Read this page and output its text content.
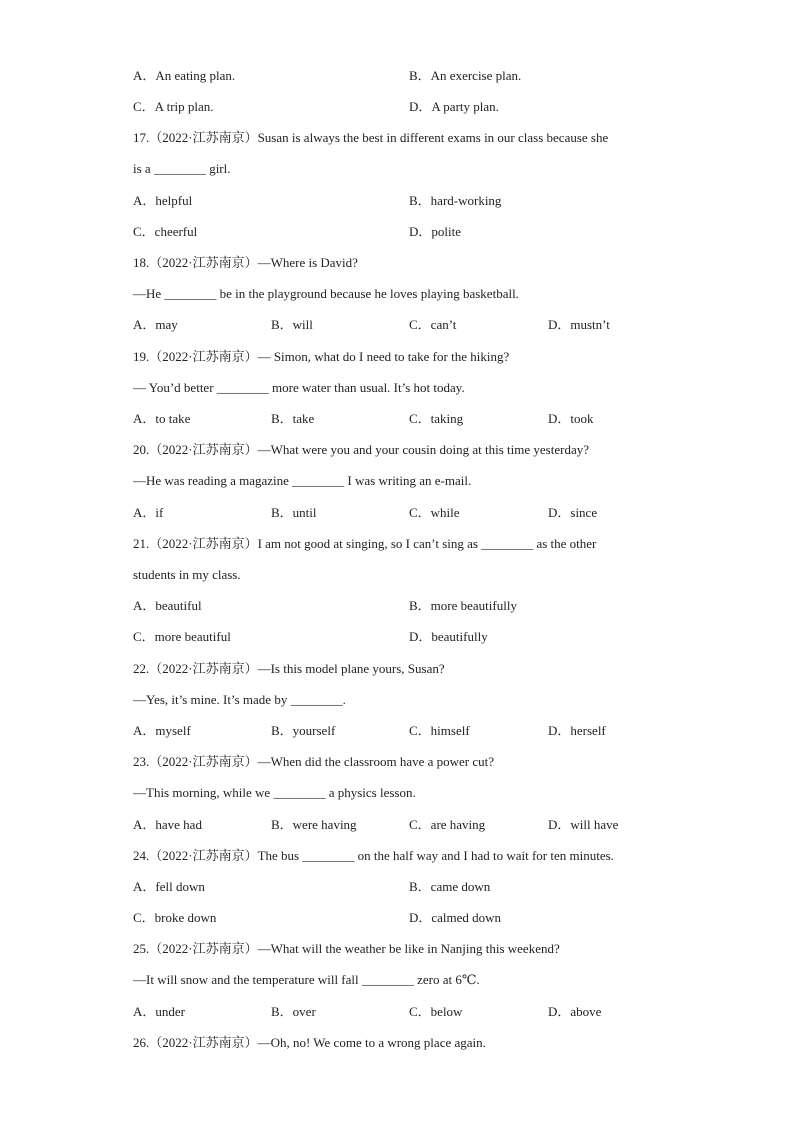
A．An eating plan.	B．An exercise plan.
C．A trip plan.	D．A party plan.
17.（2022·江苏南京）Susan is always the best in different exams in our class because she
is a ________ girl.
A．helpful	B．hard-working
C．cheerful	D．polite
18.（2022·江苏南京）—Where is David?
—He ________ be in the playground because he loves playing basketball.
A．may	B．will	C．can’t	D．mustn’t
19.（2022·江苏南京）— Simon, what do I need to take for the hiking?
— You’d better ________ more water than usual. It’s hot today.
A．to take	B．take	C．taking	D．took
20.（2022·江苏南京）—What were you and your cousin doing at this time yesterday?
—He was reading a magazine ________ I was writing an e-mail.
A．if	B．until	C．while	D．since
21.（2022·江苏南京）I am not good at singing, so I can’t sing as ________ as the other
students in my class.
A．beautiful	B．more beautifully
C．more beautiful	D．beautifully
22.（2022·江苏南京）—Is this model plane yours, Susan?
—Yes, it’s mine. It’s made by ________.
A．myself	B．yourself	C．himself	D．herself
23.（2022·江苏南京）—When did the classroom have a power cut?
—This morning, while we ________ a physics lesson.
A．have had	B．were having	C．are having	D．will have
24.（2022·江苏南京）The bus ________ on the half way and I had to wait for ten minutes.
A．fell down	B．came down
C．broke down	D．calmed down
25.（2022·江苏南京）—What will the weather be like in Nanjing this weekend?
—It will snow and the temperature will fall ________ zero at 6℃.
A．under	B．over	C．below	D．above
26.（2022·江苏南京）—Oh, no! We come to a wrong place again.
